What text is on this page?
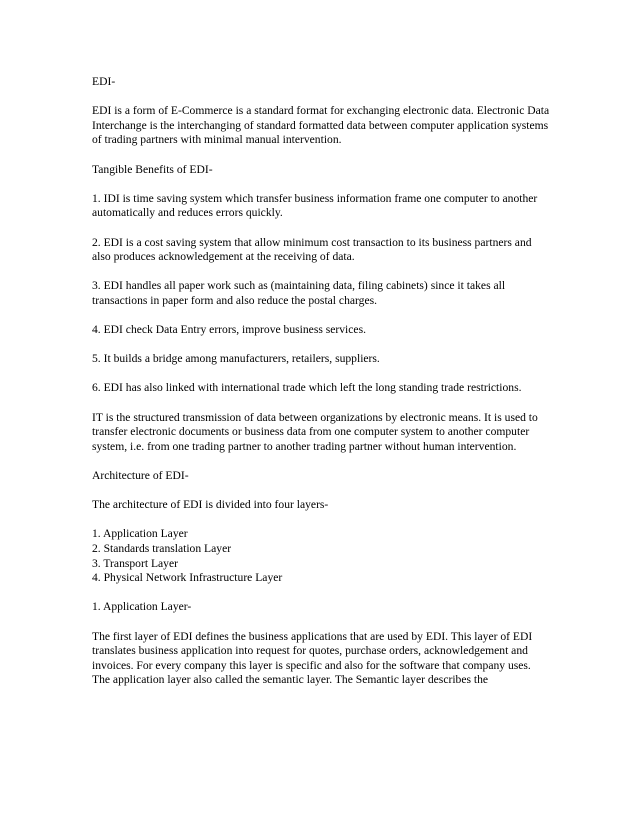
EDI-

EDI is a form of E-Commerce is a standard format for exchanging electronic data. Electronic Data Interchange is the interchanging of standard formatted data between computer application systems of trading partners with minimal manual intervention.

Tangible Benefits of EDI-

1. IDI is time saving system which transfer business information frame one computer to another automatically and reduces errors quickly.

2. EDI is a cost saving system that allow minimum cost transaction to its business partners and also produces acknowledgement at the receiving of data.

3. EDI handles all paper work such as (maintaining data, filing cabinets) since it takes all transactions in paper form and also reduce the postal charges.

4. EDI check Data Entry errors, improve business services.

5. It builds a bridge among manufacturers, retailers, suppliers.

6. EDI has also linked with international trade which left the long standing trade restrictions.

IT is the structured transmission of data between organizations by electronic means. It is used to transfer electronic documents or business data from one computer system to another computer system, i.e. from one trading partner to another trading partner without human intervention.

Architecture of EDI-

The architecture of EDI is divided into four layers-

1. Application Layer
2. Standards translation Layer
3. Transport Layer
4. Physical Network Infrastructure Layer

1. Application Layer-

The first layer of EDI defines the business applications that are used by EDI. This layer of EDI translates business application into request for quotes, purchase orders, acknowledgement and invoices. For every company this layer is specific and also for the software that company uses.

The application layer also called the semantic layer. The Semantic layer describes the
